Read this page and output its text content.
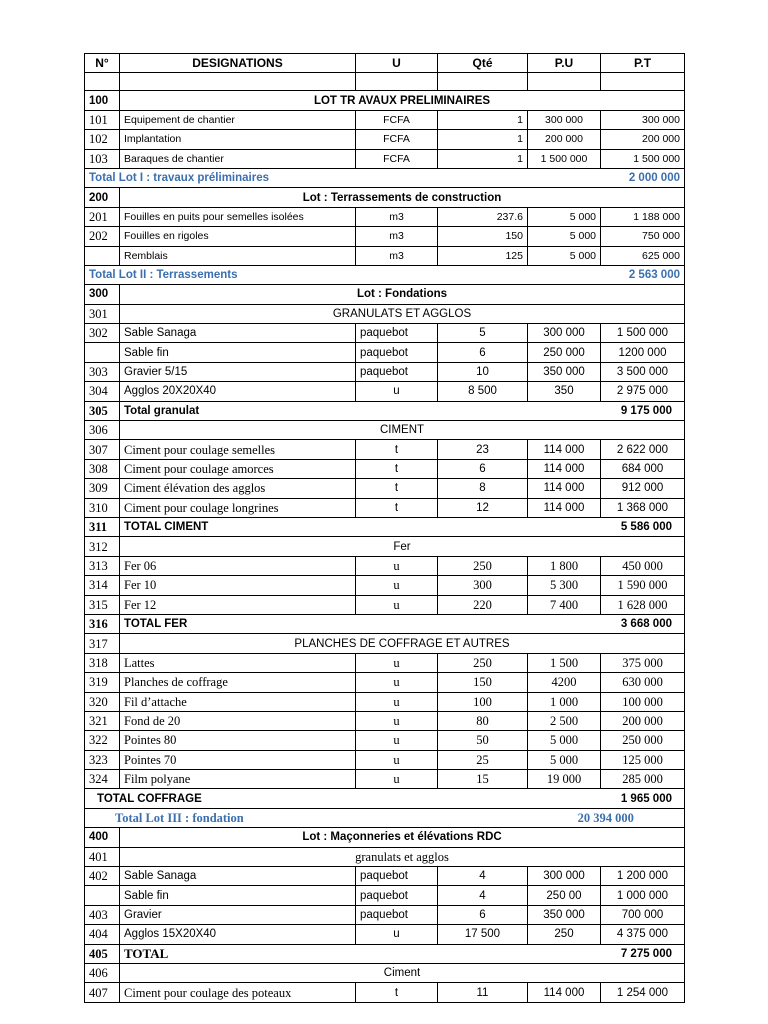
N°	DESIGNATIONS	U	Qté	P.U	P.T

100	LOT TR AVAUX PRELIMINAIRES				
101	Equipement de chantier	FCFA	1	300 000	300 000
102	Implantation	FCFA	1	200 000	200 000
103	Baraques de chantier	FCFA	1	1 500 000	1 500 000
Total Lot I : travaux préliminaires				2 000 000	
200	Lot : Terrassements de construction				
201	Fouilles en puits pour semelles isolées	m3	237.6	5 000	1 188 000
202	Fouilles en rigoles	m3	150	5 000	750 000
	Remblais	m3	125	5 000	625 000
Total Lot II : Terrassements				2 563 000	
300	Lot : Fondations				
301	GRANULATS ET AGGLOS				
302	Sable Sanaga	paquebot	5	300 000	1 500 000
	Sable fin	paquebot	6	250 000	1200 000
303	Gravier 5/15	paquebot	10	350 000	3 500 000
304	Agglos 20X20X40	u	8 500	350	2 975 000
305	Total granulat			9 175 000	
306	CIMENT				
307	Ciment pour coulage semelles	t	23	114 000	2 622 000
308	Ciment pour coulage amorces	t	6	114 000	684 000
309	Ciment élévation des agglos	t	8	114 000	912 000
310	Ciment pour coulage longrines	t	12	114 000	1 368 000
311	TOTAL CIMENT			5 586 000	
312	Fer				
313	Fer 06	u	250	1 800	450 000
314	Fer 10	u	300	5 300	1 590 000
315	Fer 12	u	220	7 400	1 628 000
316	TOTAL FER			3 668 000	
317	PLANCHES DE COFFRAGE ET AUTRES				
318	Lattes	u	250	1 500	375 000
319	Planches de coffrage	u	150	4200	630 000
320	Fil d’attache	u	100	1 000	100 000
321	Fond de 20	u	80	2 500	200 000
322	Pointes 80	u	50	5 000	250 000
323	Pointes 70	u	25	5 000	125 000
324	Film polyane	u	15	19 000	285 000
TOTAL COFFRAGE				1 965 000	
Total Lot III : fondation				20 394 000	
400	Lot : Maçonneries et élévations RDC				
401	granulats et agglos				
402	Sable Sanaga	paquebot	4	300 000	1 200 000
	Sable fin	paquebot	4	250 00	1 000 000
403	Gravier	paquebot	6	350 000	700 000
404	Agglos 15X20X40	u	17 500	250	4 375 000
405	TOTAL			7 275 000	
406	Ciment				
407	Ciment pour coulage des poteaux	t	11	114 000	1 254 000
